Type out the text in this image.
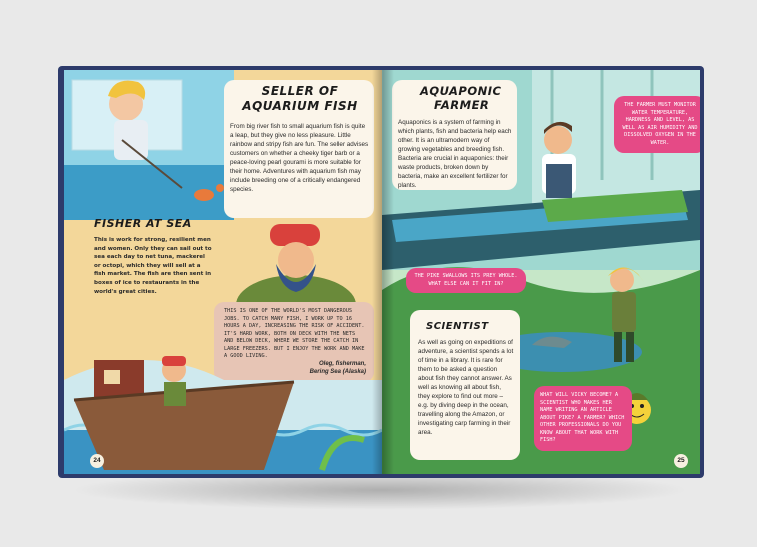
SELLER OF
AQUARIUM FISH
From big river fish to small aquarium fish is quite a leap, but they give no less pleasure. Little rainbow and stripy fish are fun. The seller advises customers on whether a cheeky tiger barb or a peace-loving pearl gourami is more suitable for their home. Adventures with aquarium fish may include breeding one of a critically endangered species.
FISHER AT SEA
This is work for strong, resilient men and women. Only they can sail out to sea each day to net tuna, mackerel or octopi, which they will sell at a fish market. The fish are then sent in boxes of ice to restaurants in the world's great cities.
THIS IS ONE OF THE WORLD'S MOST DANGEROUS JOBS. TO CATCH MANY FISH, I WORK UP TO 16 HOURS A DAY, INCREASING THE RISK OF ACCIDENT. IT'S HARD WORK, BOTH ON DECK WITH THE NETS AND BELOW DECK, WHERE WE STORE THE CATCH IN LARGE FREEZERS. BUT I ENJOY THE WORK AND MAKE A GOOD LIVING.
Oleg, fisherman,
Bering Sea (Alaska)
24
AQUAPONIC
FARMER
Aquaponics is a system of farming in which plants, fish and bacteria help each other. It is an ultramodern way of growing vegetables and breeding fish. Bacteria are crucial in aquaponics: their waste products, broken down by bacteria, make an excellent fertilizer for plants.
THE FARMER MUST MONITOR WATER TEMPERATURE, HARDNESS AND LEVEL, AS WELL AS AIR HUMIDITY AND DISSOLVED OXYGEN IN THE WATER.
THE PIKE SWALLOWS ITS PREY WHOLE. WHAT ELSE CAN IT FIT IN?
SCIENTIST
As well as going on expeditions of adventure, a scientist spends a lot of time in a library. It is rare for them to be asked a question about fish they cannot answer. As well as knowing all about fish, they explore to find out more – e.g. by diving deep in the ocean, travelling along the Amazon, or investigating carp farming in their area.
WHAT WILL VICKY BECOME? A SCIENTIST WHO MAKES HER NAME WRITING AN ARTICLE ABOUT PIKE? A FARMER? WHICH OTHER PROFESSIONALS DO YOU KNOW ABOUT THAT WORK WITH FISH?
25
